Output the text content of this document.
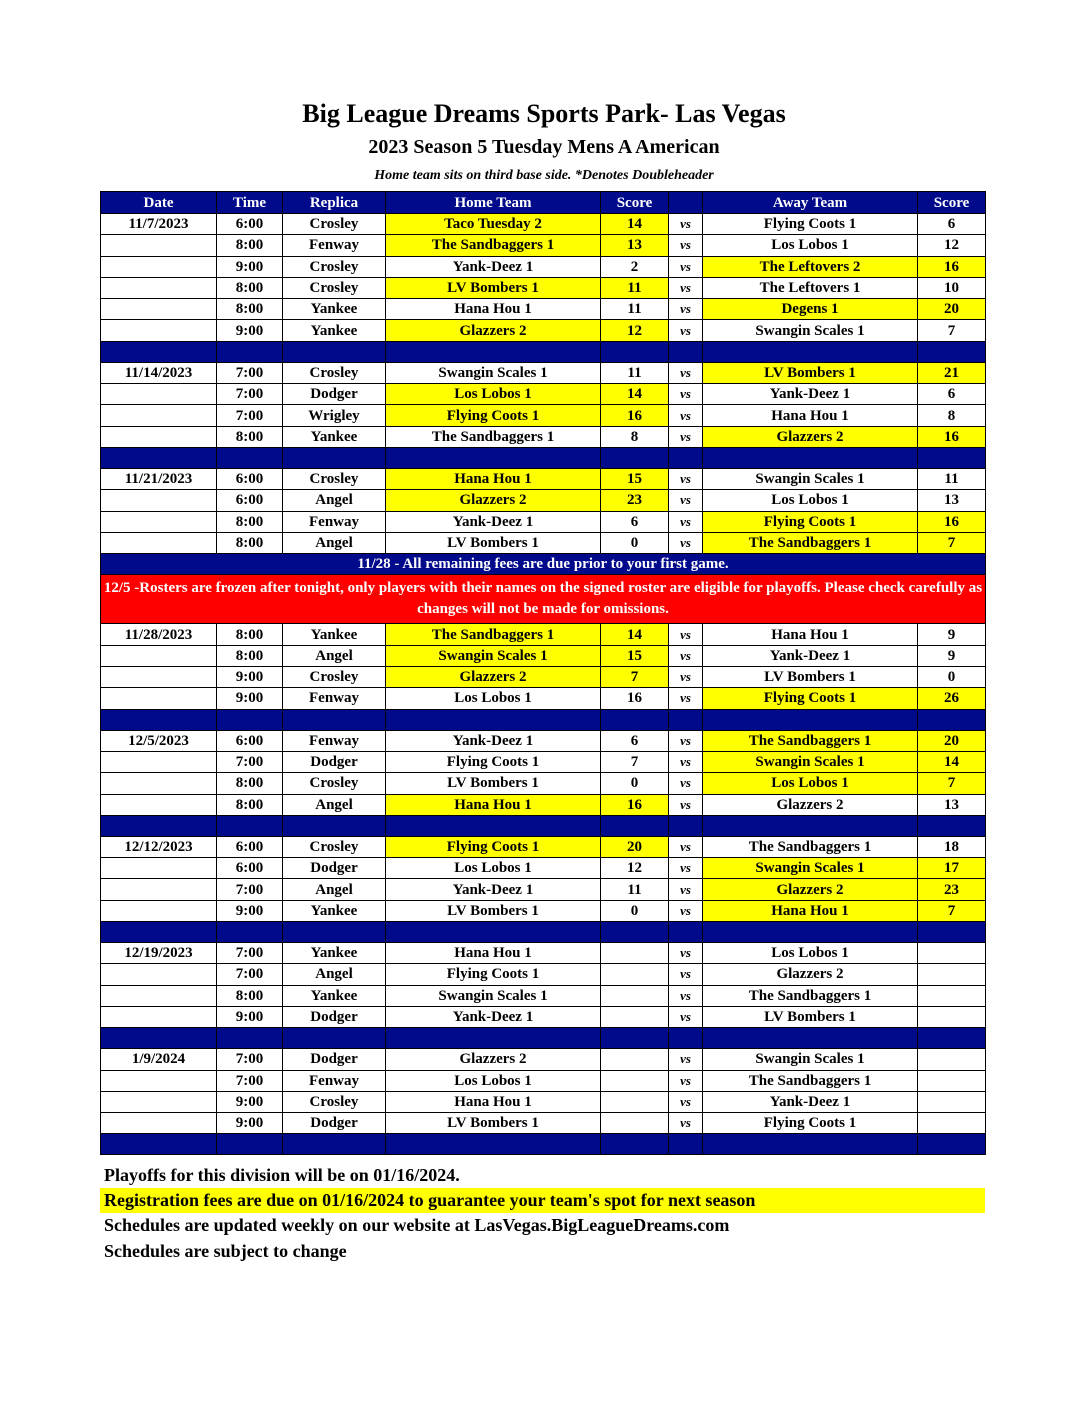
Big League Dreams Sports Park- Las Vegas
2023 Season 5 Tuesday Mens A American
Home team sits on third base side. *Denotes Doubleheader
Date	Time	Replica	Home Team	Score		Away Team	Score
11/7/2023	6:00	Crosley	Taco Tuesday 2	14	vs	Flying Coots 1	6
	8:00	Fenway	The Sandbaggers 1	13	vs	Los Lobos 1	12
	9:00	Crosley	Yank-Deez 1	2	vs	The Leftovers 2	16
	8:00	Crosley	LV Bombers 1	11	vs	The Leftovers 1	10
	8:00	Yankee	Hana Hou 1	11	vs	Degens 1	20
	9:00	Yankee	Glazzers 2	12	vs	Swangin Scales 1	7

11/14/2023	7:00	Crosley	Swangin Scales 1	11	vs	LV Bombers 1	21
	7:00	Dodger	Los Lobos 1	14	vs	Yank-Deez 1	6
	7:00	Wrigley	Flying Coots 1	16	vs	Hana Hou 1	8
	8:00	Yankee	The Sandbaggers 1	8	vs	Glazzers 2	16

11/21/2023	6:00	Crosley	Hana Hou 1	15	vs	Swangin Scales 1	11
	6:00	Angel	Glazzers 2	23	vs	Los Lobos 1	13
	8:00	Fenway	Yank-Deez 1	6	vs	Flying Coots 1	16
	8:00	Angel	LV Bombers 1	0	vs	The Sandbaggers 1	7
11/28 - All remaining fees are due prior to your first game.							
12/5 -Rosters are frozen after tonight, only players with their names on the signed roster are eligible for playoffs. Please check carefully as changes will not be made for omissions.							
11/28/2023	8:00	Yankee	The Sandbaggers 1	14	vs	Hana Hou 1	9
	8:00	Angel	Swangin Scales 1	15	vs	Yank-Deez 1	9
	9:00	Crosley	Glazzers 2	7	vs	LV Bombers 1	0
	9:00	Fenway	Los Lobos 1	16	vs	Flying Coots 1	26

12/5/2023	6:00	Fenway	Yank-Deez 1	6	vs	The Sandbaggers 1	20
	7:00	Dodger	Flying Coots 1	7	vs	Swangin Scales 1	14
	8:00	Crosley	LV Bombers 1	0	vs	Los Lobos 1	7
	8:00	Angel	Hana Hou 1	16	vs	Glazzers 2	13

12/12/2023	6:00	Crosley	Flying Coots 1	20	vs	The Sandbaggers 1	18
	6:00	Dodger	Los Lobos 1	12	vs	Swangin Scales 1	17
	7:00	Angel	Yank-Deez 1	11	vs	Glazzers 2	23
	9:00	Yankee	LV Bombers 1	0	vs	Hana Hou 1	7

12/19/2023	7:00	Yankee	Hana Hou 1		vs	Los Lobos 1	
	7:00	Angel	Flying Coots 1		vs	Glazzers 2	
	8:00	Yankee	Swangin Scales 1		vs	The Sandbaggers 1	
	9:00	Dodger	Yank-Deez 1		vs	LV Bombers 1	

1/9/2024	7:00	Dodger	Glazzers 2		vs	Swangin Scales 1	
	7:00	Fenway	Los Lobos 1		vs	The Sandbaggers 1	
	9:00	Crosley	Hana Hou 1		vs	Yank-Deez 1	
	9:00	Dodger	LV Bombers 1		vs	Flying Coots 1	

Playoffs for this division will be on 01/16/2024.
Registration fees are due on 01/16/2024 to guarantee your team's spot for next season
Schedules are updated weekly on our website at LasVegas.BigLeagueDreams.com
Schedules are subject to change
